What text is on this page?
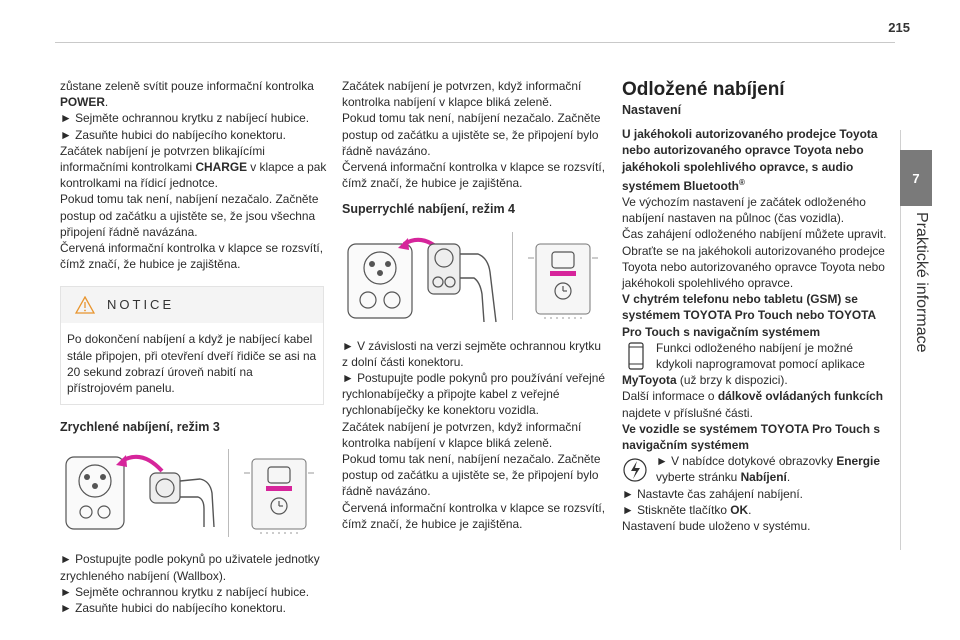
215
7
Praktické informace

zůstane zeleně svítit pouze informační kontrolka POWER.

► Sejměte ochrannou krytku z nabíjecí hubice.

► Zasuňte hubici do nabíjecího konektoru.

Začátek nabíjení je potvrzen blikajícími informačními kontrolkami CHARGE v klapce a pak kontrolkami na řídicí jednotce.

Pokud tomu tak není, nabíjení nezačalo. Začněte postup od začátku a ujistěte se, že jsou všechna připojení řádně navázána.

Červená informační kontrolka v klapce se rozsvítí, čímž značí, že hubice je zajištěna.

NOTICE
Po dokončení nabíjení a když je nabíjecí kabel stále připojen, při otevření dveří řidiče se asi na 20 sekund zobrazí úroveň nabití na přístrojovém panelu.

Zrychlené nabíjení, režim 3

► Postupujte podle pokynů po uživatele jednotky zrychleného nabíjení (Wallbox).

► Sejměte ochrannou krytku z nabíjecí hubice.

► Zasuňte hubici do nabíjecího konektoru.

Začátek nabíjení je potvrzen, když informační kontrolka nabíjení v klapce bliká zeleně.

Pokud tomu tak není, nabíjení nezačalo. Začněte postup od začátku a ujistěte se, že připojení bylo řádně navázáno.

Červená informační kontrolka v klapce se rozsvítí, čímž značí, že hubice je zajištěna.

Superrychlé nabíjení, režim 4

► V závislosti na verzi sejměte ochrannou krytku z dolní části konektoru.

► Postupujte podle pokynů pro používání veřejné rychlonabíječky a připojte kabel z veřejné rychlonabíječky ke konektoru vozidla.

Začátek nabíjení je potvrzen, když informační kontrolka nabíjení v klapce bliká zeleně.

Pokud tomu tak není, nabíjení nezačalo. Začněte postup od začátku a ujistěte se, že připojení bylo řádně navázáno.

Červená informační kontrolka v klapce se rozsvítí, čímž značí, že hubice je zajištěna.

Odložené nabíjení

Nastavení

U jakéhokoli autorizovaného prodejce Toyota nebo autorizovaného opravce Toyota nebo jakéhokoli spolehlivého opravce, s audio systémem Bluetooth®

Ve výchozím nastavení je začátek odloženého nabíjení nastaven na půlnoc (čas vozidla).

Čas zahájení odloženého nabíjení můžete upravit.

Obraťte se na jakéhokoli autorizovaného prodejce Toyota nebo autorizovaného opravce Toyota nebo jakéhokoli spolehlivého opravce.

V chytrém telefonu nebo tabletu (GSM) se systémem TOYOTA Pro Touch nebo TOYOTA Pro Touch s navigačním systémem

Funkci odloženého nabíjení je možné kdykoli naprogramovat pomocí aplikace MyToyota (už brzy k dispozici).

Další informace o dálkově ovládaných funkcích najdete v příslušné části.

Ve vozidle se systémem TOYOTA Pro Touch s navigačním systémem

► V nabídce dotykové obrazovky Energie vyberte stránku Nabíjení.

► Nastavte čas zahájení nabíjení.

► Stiskněte tlačítko OK.

Nastavení bude uloženo v systému.
